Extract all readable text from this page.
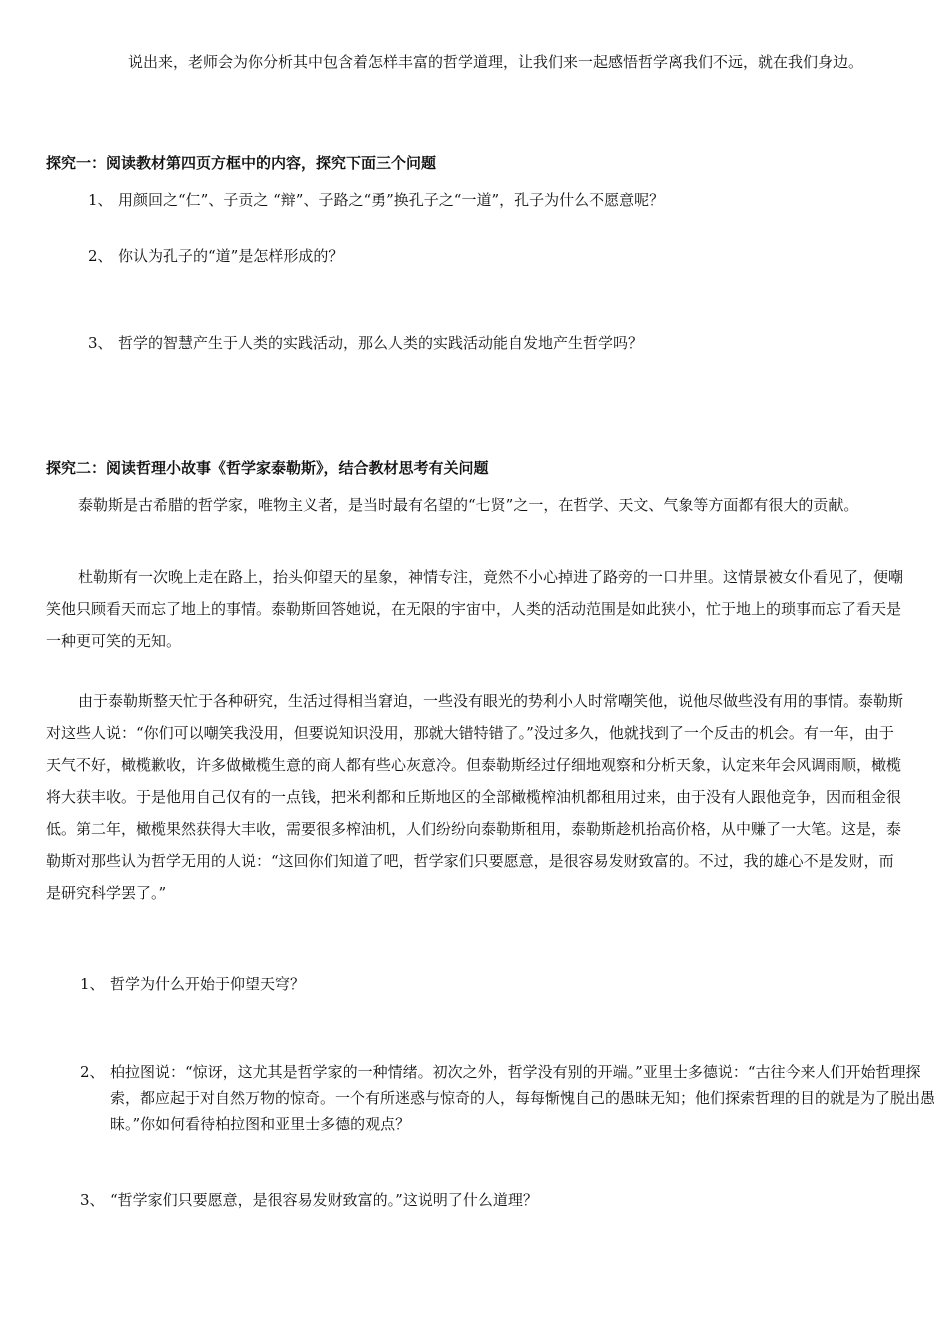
说出来，老师会为你分析其中包含着怎样丰富的哲学道理，让我们来一起感悟哲学离我们不远，就在我们身边。

探究一：阅读教材第四页方框中的内容，探究下面三个问题

1、 用颜回之“仁”、子贡之 “辩”、子路之“勇”换孔子之“一道”，孔子为什么不愿意呢？

2、 你认为孔子的“道”是怎样形成的？

3、 哲学的智慧产生于人类的实践活动，那么人类的实践活动能自发地产生哲学吗？

探究二：阅读哲理小故事《哲学家泰勒斯》，结合教材思考有关问题

泰勒斯是古希腊的哲学家，唯物主义者，是当时最有名望的“七贤”之一，在哲学、天文、气象等方面都有很大的贡献。

杜勒斯有一次晚上走在路上，抬头仰望天的星象，神情专注，竟然不小心掉进了路旁的一口井里。这情景被女仆看见了，便嘲笑他只顾看天而忘了地上的事情。泰勒斯回答她说，在无限的宇宙中，人类的活动范围是如此狭小，忙于地上的琐事而忘了看天是一种更可笑的无知。

由于泰勒斯整天忙于各种研究，生活过得相当窘迫，一些没有眼光的势利小人时常嘲笑他，说他尽做些没有用的事情。泰勒斯对这些人说：“你们可以嘲笑我没用，但要说知识没用，那就大错特错了。”没过多久，他就找到了一个反击的机会。有一年，由于天气不好，橄榄歉收，许多做橄榄生意的商人都有些心灰意冷。但泰勒斯经过仔细地观察和分析天象，认定来年会风调雨顺，橄榄将大获丰收。于是他用自己仅有的一点钱，把米利都和丘斯地区的全部橄榄榨油机都租用过来，由于没有人跟他竞争，因而租金很低。第二年，橄榄果然获得大丰收，需要很多榨油机，人们纷纷向泰勒斯租用，泰勒斯趁机抬高价格，从中赚了一大笔。这是，泰勒斯对那些认为哲学无用的人说：“这回你们知道了吧，哲学家们只要愿意，是很容易发财致富的。不过，我的雄心不是发财，而是研究科学罢了。”

1、 哲学为什么开始于仰望天穹？

2、 柏拉图说：“惊讶，这尤其是哲学家的一种情绪。初次之外，哲学没有别的开端。”亚里士多德说：“古往今来人们开始哲理探索，都应起于对自然万物的惊奇。一个有所迷惑与惊奇的人，每每惭愧自己的愚昧无知；他们探索哲理的目的就是为了脱出愚昧。”你如何看待柏拉图和亚里士多德的观点？

3、 “哲学家们只要愿意，是很容易发财致富的。”这说明了什么道理？
